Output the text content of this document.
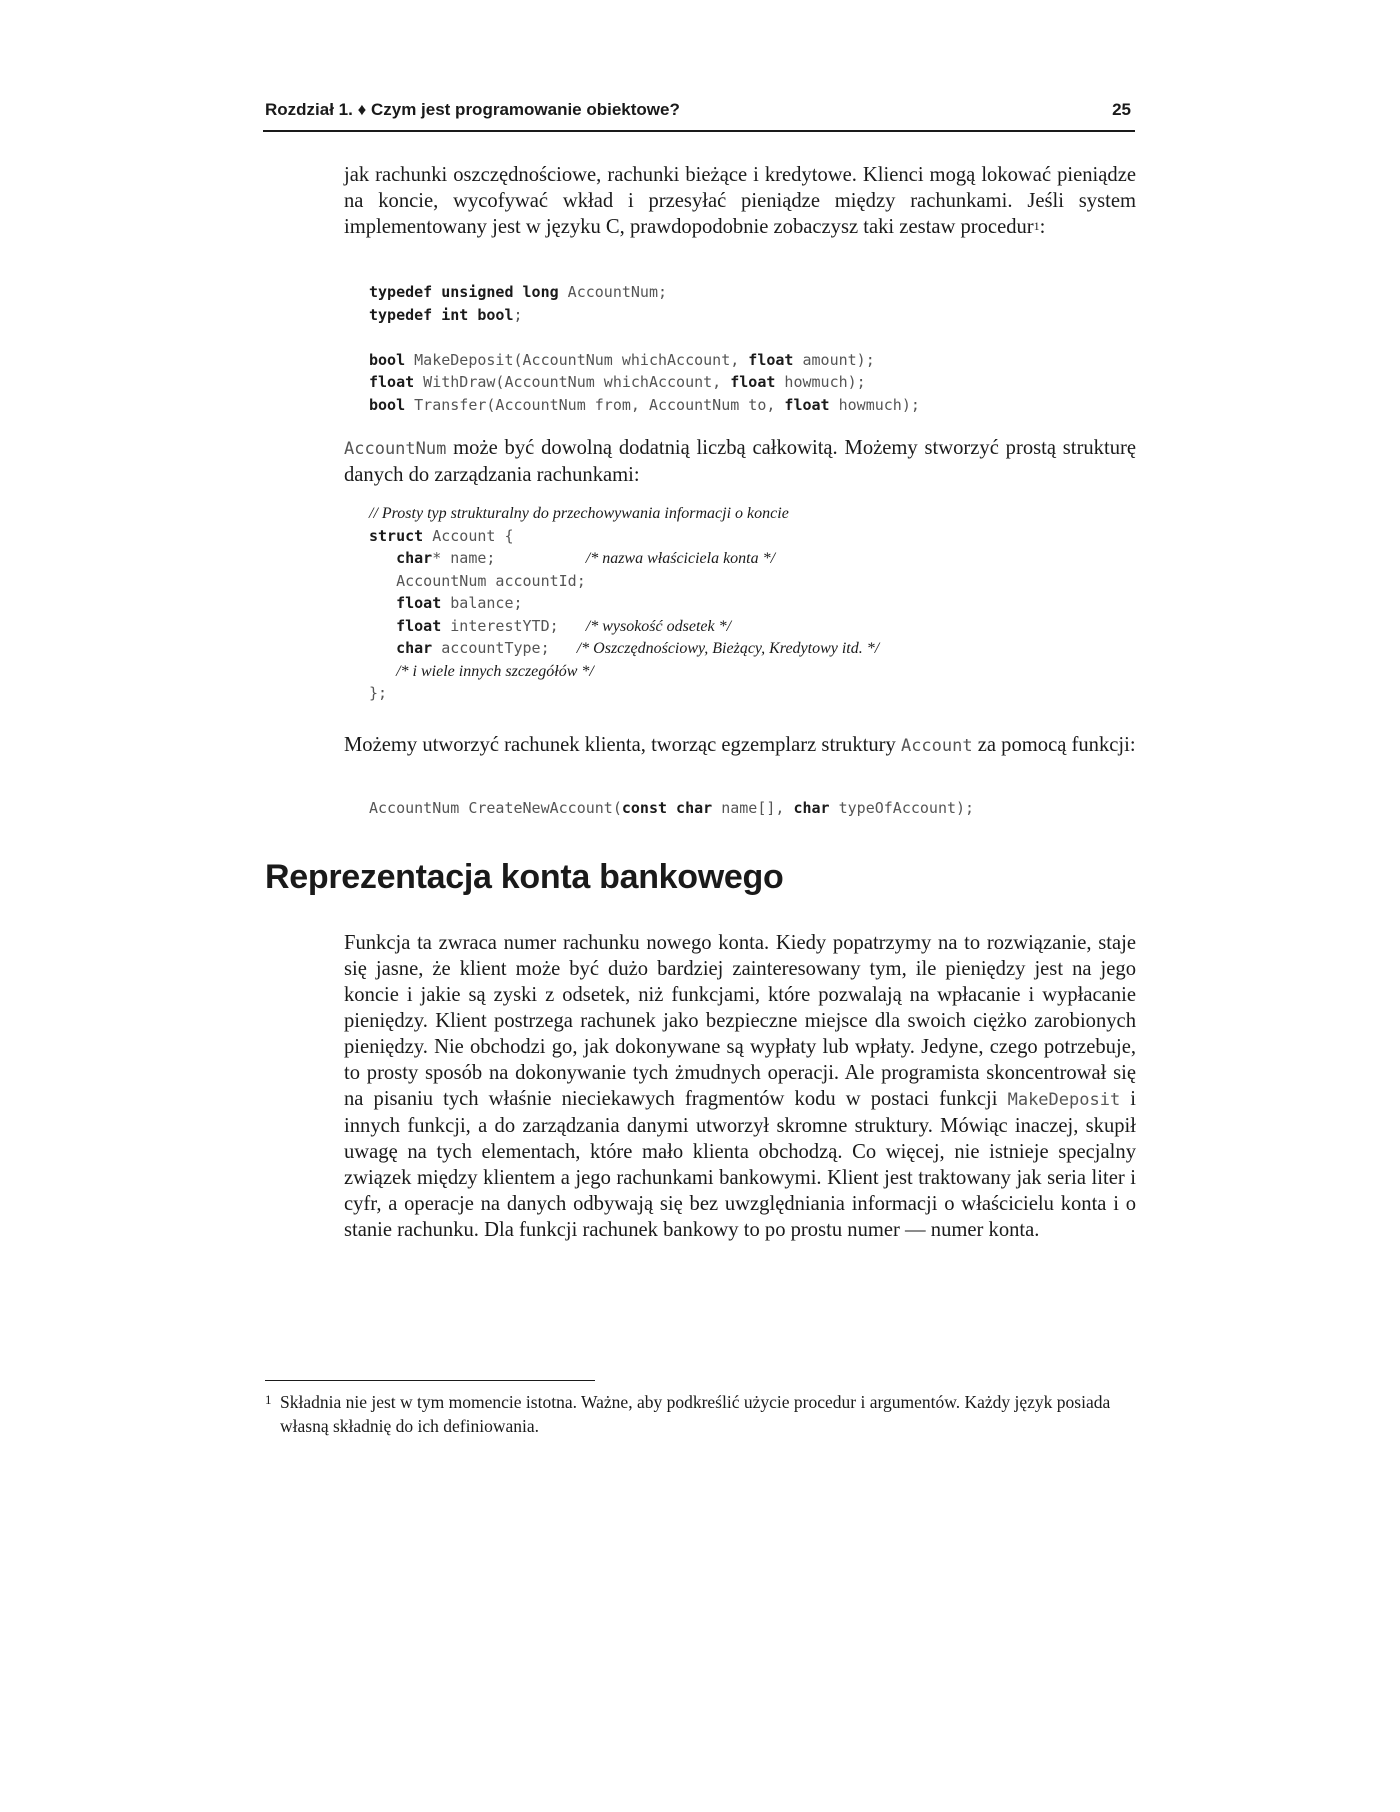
Rozdział 1. ♦ Czym jest programowanie obiektowe?	25

jak rachunki oszczędnościowe, rachunki bieżące i kredytowe. Klienci mogą lokować pieniądze na koncie, wycofywać wkład i przesyłać pieniądze między rachunkami. Jeśli system implementowany jest w języku C, prawdopodobnie zobaczysz taki zestaw procedur$^1$:

typedef unsigned long AccountNum;
typedef int bool;
bool MakeDeposit(AccountNum whichAccount, float amount);
float WithDraw(AccountNum whichAccount, float howmuch);
bool Transfer(AccountNum from, AccountNum to, float howmuch);

AccountNum może być dowolną dodatnią liczbą całkowitą. Możemy stworzyć prostą strukturę danych do zarządzania rachunkami:

// Prosty typ strukturalny do przechowywania informacji o koncie
struct Account {
char* name;	/* nazwa właściciela konta */
AccountNum accountId;
float balance;
float interestYTD; /* wysokość odsetek */
char accountType; /* Oszczędnościowy, Bieżący, Kredytowy itd. */
/* i wiele innych szczegółów */
};

Możemy utworzyć rachunek klienta, tworząc egzemplarz struktury Account za pomocą funkcji:

AccountNum CreateNewAccount(const char name[], char typeOfAccount);
Reprezentacja konta bankowego

Funkcja ta zwraca numer rachunku nowego konta. Kiedy popatrzymy na to rozwiązanie, staje się jasne, że klient może być dużo bardziej zainteresowany tym, ile pieniędzy jest na jego koncie i jakie są zyski z odsetek, niż funkcjami, które pozwalają na wpłacanie i wypłacanie pieniędzy. Klient postrzega rachunek jako bezpieczne miejsce dla swoich ciężko zarobionych pieniędzy. Nie obchodzi go, jak dokonywane są wypłaty lub wpłaty. Jedyne, czego potrzebuje, to prosty sposób na dokonywanie tych żmudnych operacji. Ale programista skoncentrował się na pisaniu tych właśnie nieciekawych fragmentów kodu w postaci funkcji MakeDeposit i innych funkcji, a do zarządzania danymi utworzył skromne struktury. Mówiąc inaczej, skupił uwagę na tych elementach, które mało klienta obchodzą. Co więcej, nie istnieje specjalny związek między klientem a jego rachunkami bankowymi. Klient jest traktowany jak seria liter i cyfr, a operacje na danych odbywają się bez uwzględniania informacji o właścicielu konta i o stanie rachunku. Dla funkcji rachunek bankowy to po prostu numer — numer konta.

1 Składnia nie jest w tym momencie istotna. Ważne, aby podkreślić użycie procedur i argumentów. Każdy język posiada własną składnię do ich definiowania.
